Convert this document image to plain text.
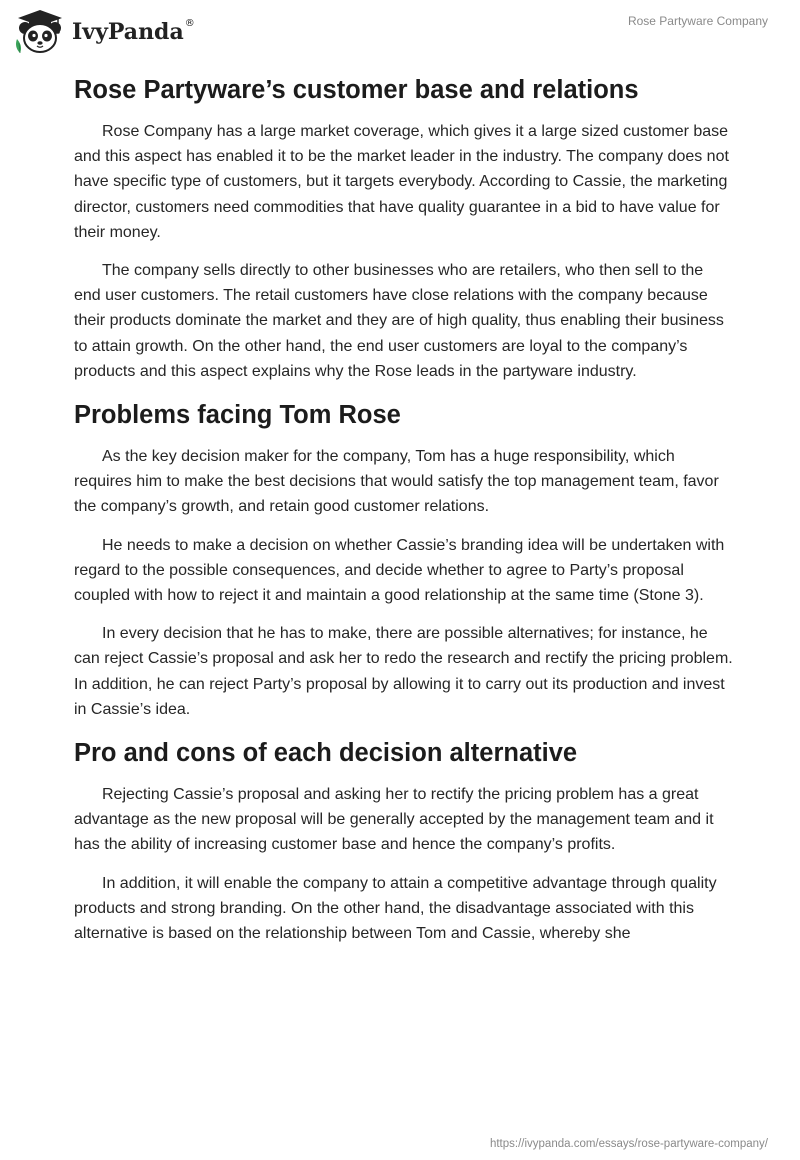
IvyPanda ®	Rose Partyware Company
Rose Partyware’s customer base and relations

Rose Company has a large market coverage, which gives it a large sized customer base and this aspect has enabled it to be the market leader in the industry. The company does not have specific type of customers, but it targets everybody. According to Cassie, the marketing director, customers need commodities that have quality guarantee in a bid to have value for their money.

The company sells directly to other businesses who are retailers, who then sell to the end user customers. The retail customers have close relations with the company because their products dominate the market and they are of high quality, thus enabling their business to attain growth. On the other hand, the end user customers are loyal to the company’s products and this aspect explains why the Rose leads in the partyware industry.

Problems facing Tom Rose

As the key decision maker for the company, Tom has a huge responsibility, which requires him to make the best decisions that would satisfy the top management team, favor the company’s growth, and retain good customer relations.

He needs to make a decision on whether Cassie’s branding idea will be undertaken with regard to the possible consequences, and decide whether to agree to Party’s proposal coupled with how to reject it and maintain a good relationship at the same time (Stone 3).

In every decision that he has to make, there are possible alternatives; for instance, he can reject Cassie’s proposal and ask her to redo the research and rectify the pricing problem. In addition, he can reject Party’s proposal by allowing it to carry out its production and invest in Cassie’s idea.

Pro and cons of each decision alternative

Rejecting Cassie’s proposal and asking her to rectify the pricing problem has a great advantage as the new proposal will be generally accepted by the management team and it has the ability of increasing customer base and hence the company’s profits.

In addition, it will enable the company to attain a competitive advantage through quality products and strong branding. On the other hand, the disadvantage associated with this alternative is based on the relationship between Tom and Cassie, whereby she

https://ivypanda.com/essays/rose-partyware-company/
